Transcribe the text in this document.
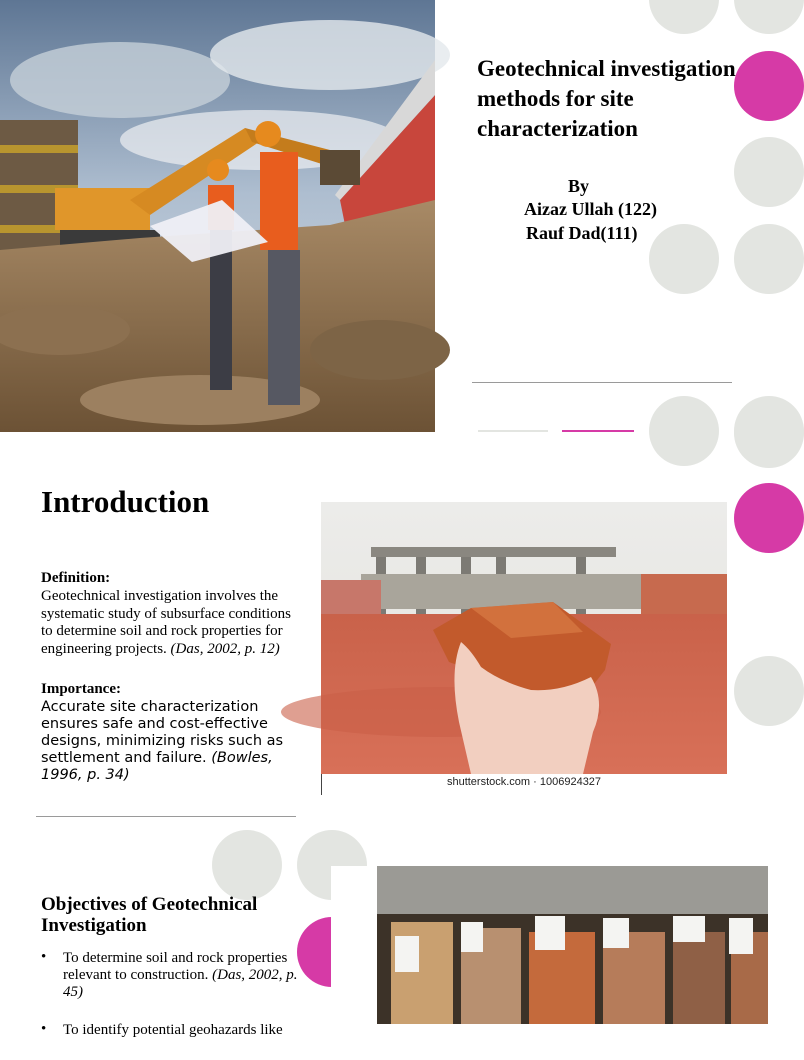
Geotechnical investigation methods for site characterization

By

Aizaz Ullah (122)

Rauf Dad(111)

Introduction

Definition:

Geotechnical investigation involves the systematic study of subsurface conditions to determine soil and rock properties for engineering projects. (Das, 2002, p. 12)

Importance:

Accurate site characterization ensures safe and cost-effective designs, minimizing risks such as settlement and failure. (Bowles, 1996, p. 34)	shutterstock.com · 1006924327
Objectives of Geotechnical Investigation
• To determine soil and rock properties relevant to construction. (Das, 2002, p. 45)
• To identify potential geohazards like
